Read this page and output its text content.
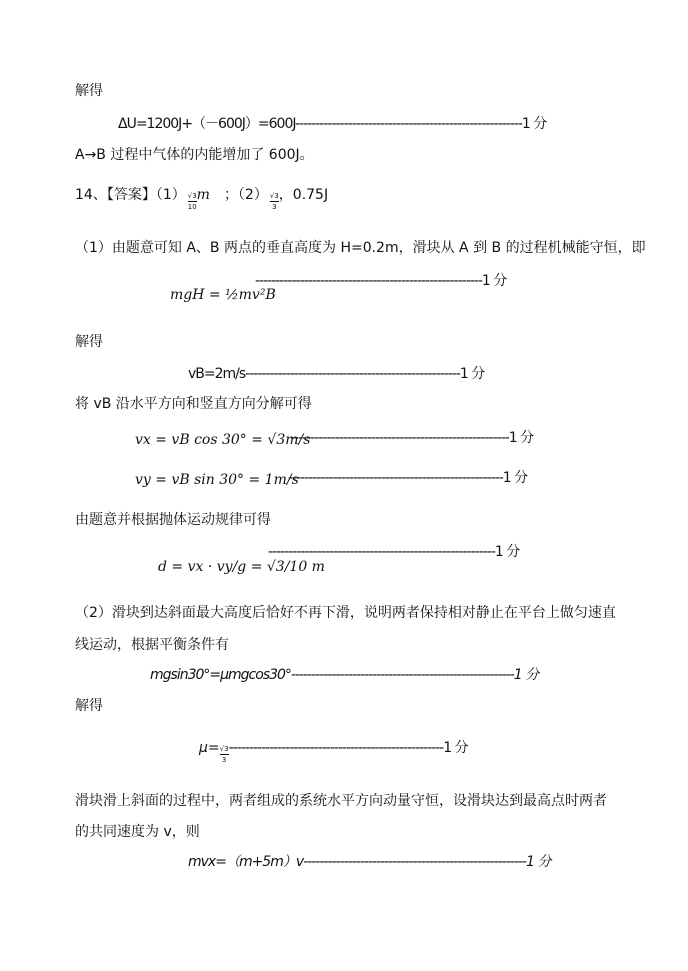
解得
ΔU=1200J+（－600J）=600J--------------------------------------------------------1 分
A→B 过程中气体的内能增加了 600J。
14、【答案】$(1) \frac{√3}{10}$ m ；$(2) \frac{√3}{3}$ ，0.75J
（1）由题意可知 A、B 两点的垂直高度为 H=0.2m，滑块从 A 到 B 的过程机械能守恒，即
mgH = ½mv²B
--------------------------------------------------------1 分
解得
vB=2m/s-----------------------------------------------------1 分
将 vB 沿水平方向和竖直方向分解可得
vx = vB cos 30° = √3m/s
------------------------------------------------------1 分
vy = vB sin 30° = 1m/s
-----------------------------------------------------1 分
由题意并根据抛体运动规律可得
d = vx · vy/g = √3/10 m
--------------------------------------------------------1 分
（2）滑块到达斜面最大高度后恰好不再下滑，说明两者保持相对静止在平台上做匀速直
线运动，根据平衡条件有
mgsin30°=μmgcos30°-------------------------------------------------------1 分
解得
$\mu= \frac{√3}{3} -----------------------------------------------------1$ 分
滑块滑上斜面的过程中，两者组成的系统水平方向动量守恒，设滑块达到最高点时两者
的共同速度为 v，则
mvx=（m+5m）v-------------------------------------------------------1 分
